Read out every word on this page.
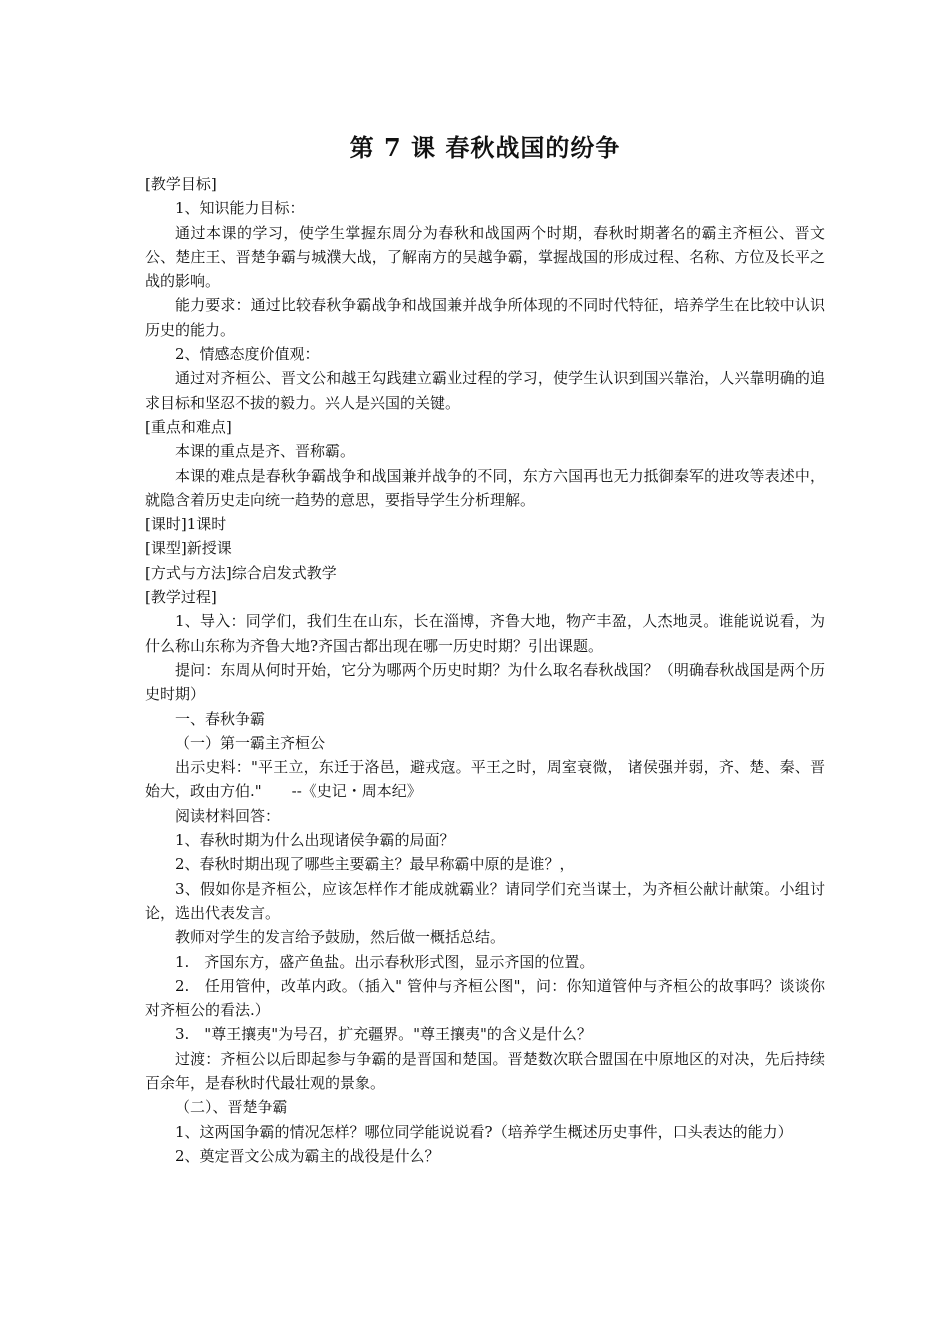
第 7 课 春秋战国的纷争

[教学目标]

1、知识能力目标：

通过本课的学习，使学生掌握东周分为春秋和战国两个时期，春秋时期著名的霸主齐桓公、晋文公、楚庄王、晋楚争霸与城濮大战，了解南方的吴越争霸，掌握战国的形成过程、名称、方位及长平之战的影响。

能力要求：通过比较春秋争霸战争和战国兼并战争所体现的不同时代特征，培养学生在比较中认识历史的能力。

2、情感态度价值观：

通过对齐桓公、晋文公和越王勾践建立霸业过程的学习，使学生认识到国兴靠治，人兴靠明确的追求目标和坚忍不拔的毅力。兴人是兴国的关键。

[重点和难点]

本课的重点是齐、晋称霸。

本课的难点是春秋争霸战争和战国兼并战争的不同，东方六国再也无力抵御秦军的进攻等表述中，就隐含着历史走向统一趋势的意思，要指导学生分析理解。

[课时]1课时

[课型]新授课

[方式与方法]综合启发式教学

[教学过程]

1、导入：同学们，我们生在山东，长在淄博，齐鲁大地，物产丰盈，人杰地灵。谁能说说看，为什么称山东称为齐鲁大地?齐国古都出现在哪一历史时期？引出课题。

提问：东周从何时开始，它分为哪两个历史时期？为什么取名春秋战国？（明确春秋战国是两个历史时期）

一、春秋争霸

（一）第一霸主齐桓公

出示史料："平王立，东迁于洛邑，避戎寇。平王之时，周室衰微， 诸侯强并弱，齐、楚、秦、晋始大，政由方伯."　　--《史记・周本纪》

阅读材料回答：

1、春秋时期为什么出现诸侯争霸的局面？

2、春秋时期出现了哪些主要霸主？最早称霸中原的是谁？，

3、假如你是齐桓公，应该怎样作才能成就霸业？请同学们充当谋士，为齐桓公献计献策。小组讨论，选出代表发言。

教师对学生的发言给予鼓励，然后做一概括总结。

1.　齐国东方，盛产鱼盐。出示春秋形式图，显示齐国的位置。

2.　任用管仲，改革内政。（插入" 管仲与齐桓公图"，问：你知道管仲与齐桓公的故事吗？谈谈你对齐桓公的看法.）

3.　"尊王攘夷"为号召，扩充疆界。"尊王攘夷"的含义是什么？

过渡：齐桓公以后即起参与争霸的是晋国和楚国。晋楚数次联合盟国在中原地区的对决，先后持续百余年，是春秋时代最壮观的景象。

（二）、晋楚争霸

1、这两国争霸的情况怎样？哪位同学能说说看?（培养学生概述历史事件，口头表达的能力）

2、奠定晋文公成为霸主的战役是什么？
